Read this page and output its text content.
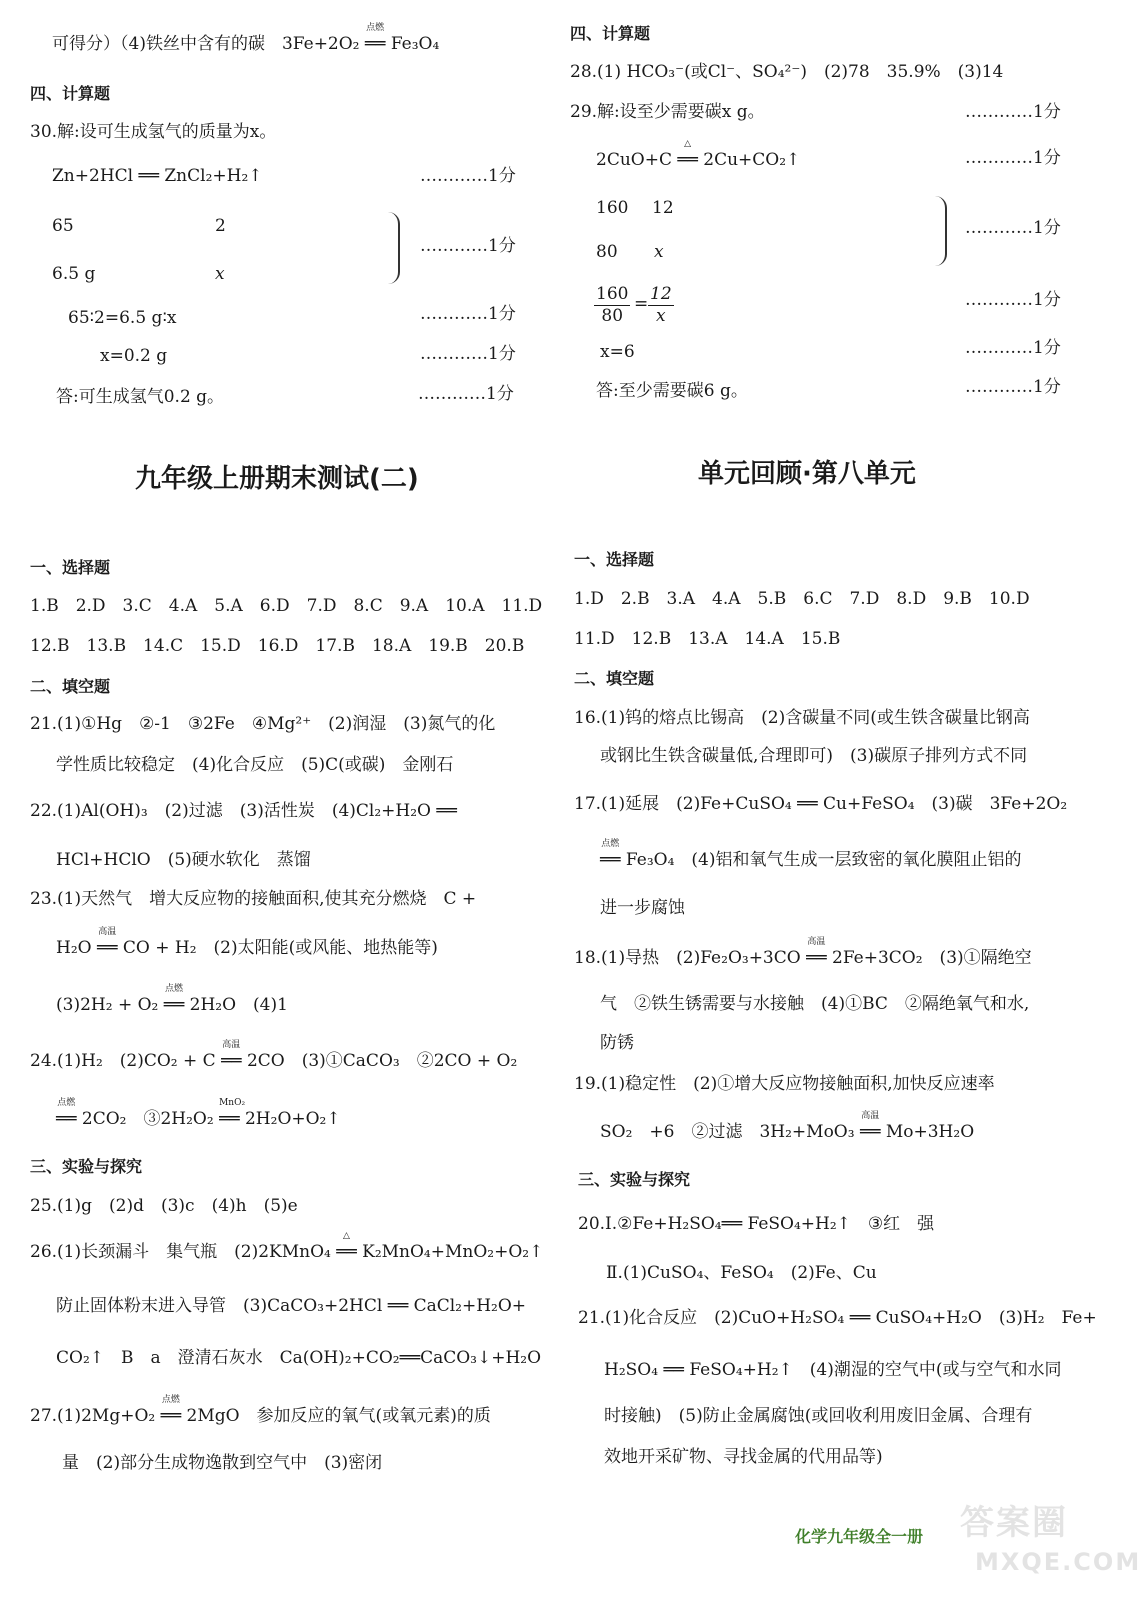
可得分）（4)铁丝中含有的碳　3Fe+2O₂
点燃
══ Fe₃O₄
四、计算题
30.解:设可生成氢气的质量为x。
Zn+2HCl ══ ZnCl₂+H₂↑	…………1分
65	2
6.5 g	x
…………1分
65∶2=6.5 g∶x	…………1分
x=0.2 g	…………1分
答:可生成氢气0.2 g。	…………1分
九年级上册期末测试(二)
一、选择题
1.B　2.D　3.C　4.A　5.A　6.D　7.D　8.C　9.A　10.A　11.D
12.B　13.B　14.C　15.D　16.D　17.B　18.A　19.B　20.B
二、填空题
21.(1)①Hg　②-1　③2Fe　④Mg²⁺　(2)润湿　(3)氮气的化
学性质比较稳定　(4)化合反应　(5)C(或碳)　金刚石
22.(1)Al(OH)₃　(2)过滤　(3)活性炭　(4)Cl₂+H₂O ══
HCl+HClO　(5)硬水软化　蒸馏
23.(1)天然气　增大反应物的接触面积,使其充分燃烧　C +
H₂O
高温
══ CO + H₂　(2)太阳能(或风能、地热能等)
(3)2H₂ + O₂
点燃
══ 2H₂O　(4)1
24.(1)H₂　(2)CO₂ + C
高温
══ 2CO　(3)①CaCO₃　②2CO + O₂
点燃
══ 2CO₂　③2H₂O₂
MnO₂
══ 2H₂O+O₂↑
三、实验与探究
25.(1)g　(2)d　(3)c　(4)h　(5)e
26.(1)长颈漏斗　集气瓶　(2)2KMnO₄
△
══ K₂MnO₄+MnO₂+O₂↑
防止固体粉末进入导管　(3)CaCO₃+2HCl ══ CaCl₂+H₂O+
CO₂↑　B　a　澄清石灰水　Ca(OH)₂+CO₂══CaCO₃↓+H₂O
27.(1)2Mg+O₂
点燃
══ 2MgO　参加反应的氧气(或氧元素)的质
量　(2)部分生成物逸散到空气中　(3)密闭
四、计算题
28.(1) HCO₃⁻(或Cl⁻、SO₄²⁻)　(2)78　35.9%　(3)14
29.解:设至少需要碳x g。	…………1分
2CuO+C
△
══ 2Cu+CO₂↑	…………1分
160 12
80 x
…………1分
$\frac{160}{80} = \frac{12}{x}$	…………1分
x=6	…………1分
答:至少需要碳6 g。	…………1分
单元回顾·第八单元
一、选择题
1.D　2.B　3.A　4.A　5.B　6.C　7.D　8.D　9.B　10.D
11.D　12.B　13.A　14.A　15.B
二、填空题
16.(1)钨的熔点比锡高　(2)含碳量不同(或生铁含碳量比钢高
或钢比生铁含碳量低,合理即可)　(3)碳原子排列方式不同
17.(1)延展　(2)Fe+CuSO₄ ══ Cu+FeSO₄　(3)碳　3Fe+2O₂
点燃
══ Fe₃O₄　(4)铝和氧气生成一层致密的氧化膜阻止铝的
进一步腐蚀
18.(1)导热　(2)Fe₂O₃+3CO
高温
══ 2Fe+3CO₂　(3)①隔绝空
气　②铁生锈需要与水接触　(4)①BC　②隔绝氧气和水,
防锈
19.(1)稳定性　(2)①增大反应物接触面积,加快反应速率
SO₂　+6　②过滤　3H₂+MoO₃
高温
══ Mo+3H₂O
三、实验与探究
20.Ⅰ.②Fe+H₂SO₄══ FeSO₄+H₂↑　③红　强
Ⅱ.(1)CuSO₄、FeSO₄　(2)Fe、Cu
21.(1)化合反应　(2)CuO+H₂SO₄ ══ CuSO₄+H₂O　(3)H₂　Fe+
H₂SO₄ ══ FeSO₄+H₂↑　(4)潮湿的空气中(或与空气和水同
时接触)　(5)防止金属腐蚀(或回收利用废旧金属、合理有
效地开采矿物、寻找金属的代用品等)
化学九年级全一册 答案圈
MXQE.COM
